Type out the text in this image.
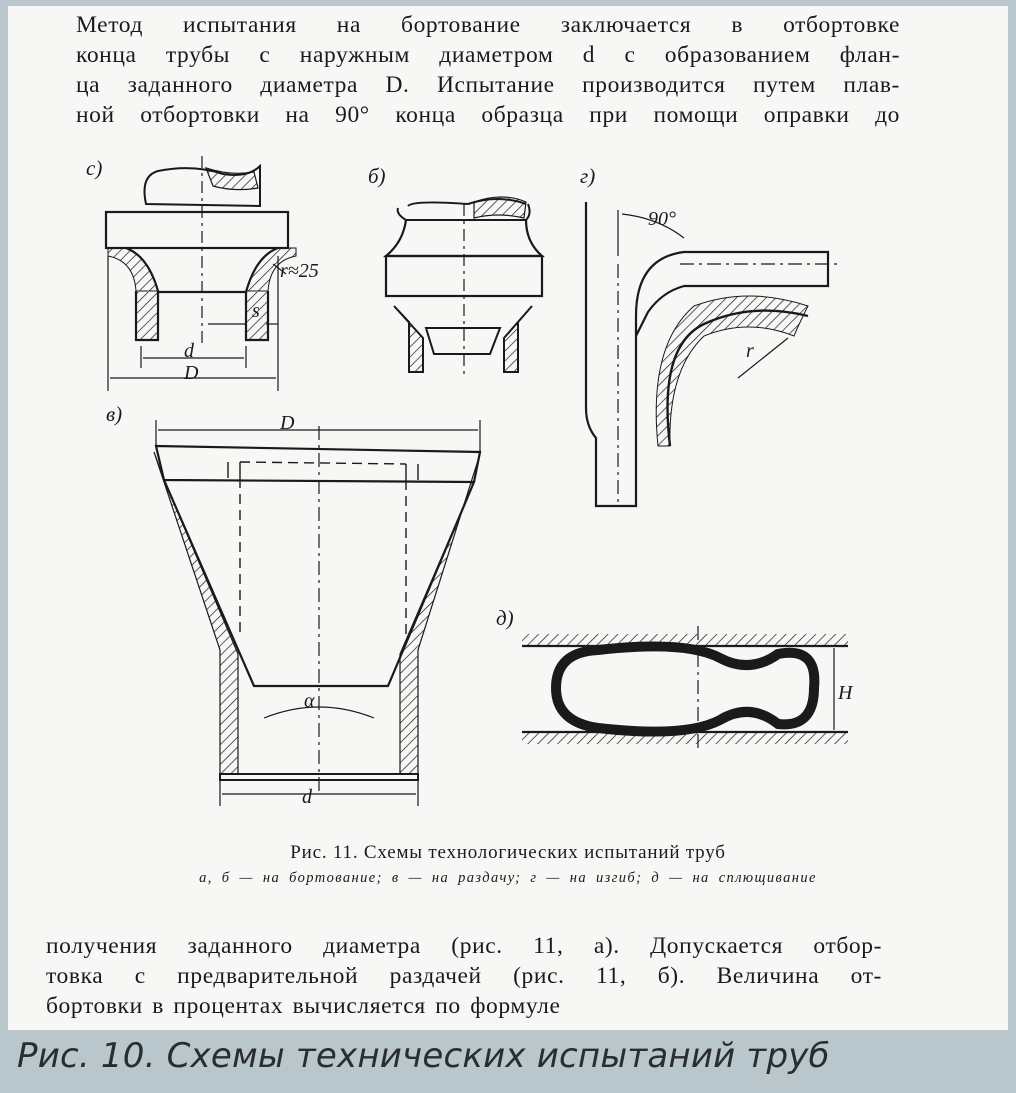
Метод испытания на бортование заключается в отбортовке
конца трубы с наружным диаметром d с образованием флан-
ца заданного диаметра D. Испытание производится путем плав-
ной отбортовки на 90° конца образца при помощи оправки до

с)	б)	г)
в)
д)
r≈25
s
d
D
D
α
d
90°
r
H
Рис. 11. Схемы технологических испытаний труб
а, б — на бортование; в — на раздачу; г — на изгиб; д — на сплющивание

получения заданного диаметра (рис. 11, а). Допускается отбор-
товка с предварительной раздачей (рис. 11, б). Величина от-
бортовки в процентах вычисляется по формуле

Рис. 10. Схемы технических испытаний труб
